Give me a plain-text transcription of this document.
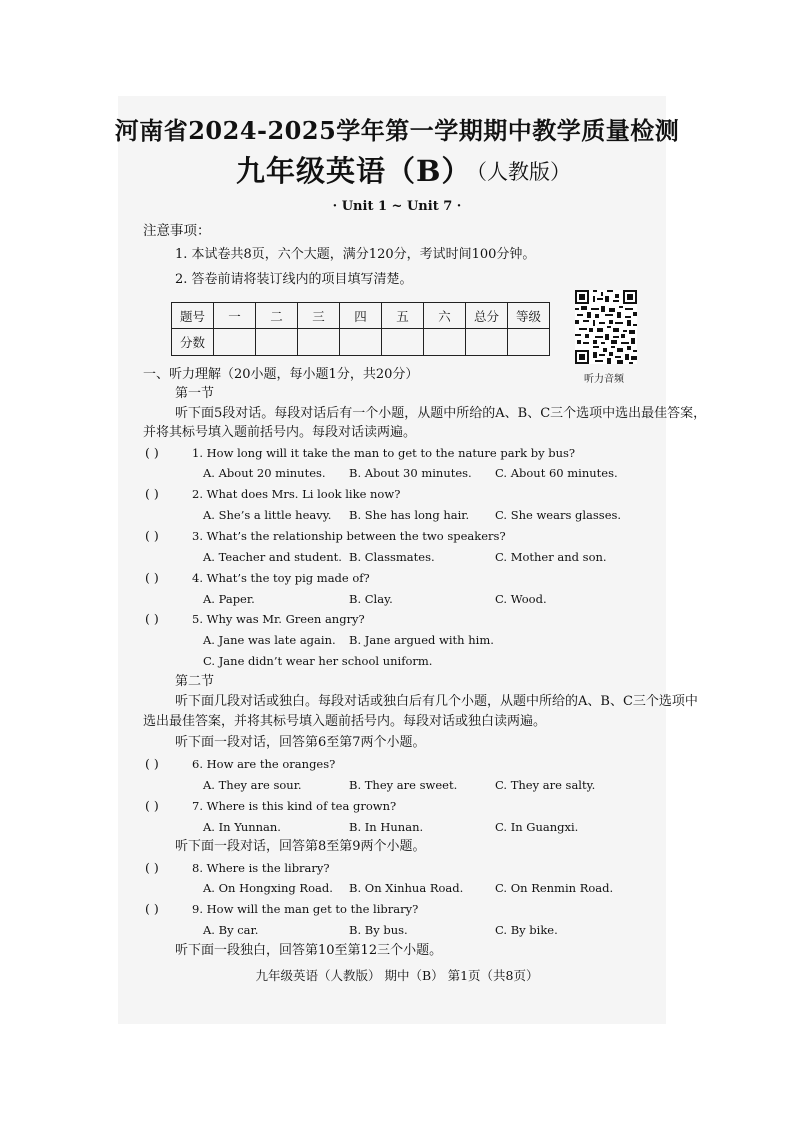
河南省2024-2025学年第一学期期中教学质量检测
九年级英语（B）
（人教版）
· Unit 1 ~ Unit 7 ·
注意事项：
1. 本试卷共8页，六个大题，满分120分，考试时间100分钟。
2. 答卷前请将装订线内的项目填写清楚。
题号	一	二	三	四	五	六	总分	等级
分数								
听力音频
一、听力理解（20小题，每小题1分，共20分）
第一节
听下面5段对话。每段对话后有一个小题，从题中所给的A、B、C三个选项中选出最佳答案，
并将其标号填入题前括号内。每段对话读两遍。
( )	1. How long will it take the man to get to the nature park by bus?
A. About 20 minutes. B. About 30 minutes. C. About 60 minutes.
( )	2. What does Mrs. Li look like now?
A. She’s a little heavy. B. She has long hair. C. She wears glasses.
( )	3. What’s the relationship between the two speakers?
A. Teacher and student. B. Classmates.	C. Mother and son.
( )	4. What’s the toy pig made of?
A. Paper.	B. Clay.	C. Wood.
( )	5. Why was Mr. Green angry?
A. Jane was late again. B. Jane argued with him.
C. Jane didn’t wear her school uniform.
第二节
听下面几段对话或独白。每段对话或独白后有几个小题，从题中所给的A、B、C三个选项中
选出最佳答案，并将其标号填入题前括号内。每段对话或独白读两遍。
听下面一段对话，回答第6至第7两个小题。
( )	6. How are the oranges?
A. They are sour.	B. They are sweet.	C. They are salty.
( )	7. Where is this kind of tea grown?
A. In Yunnan.	B. In Hunan.	C. In Guangxi.
听下面一段对话，回答第8至第9两个小题。
( )	8. Where is the library?
A. On Hongxing Road. B. On Xinhua Road.	C. On Renmin Road.
( )	9. How will the man get to the library?
A. By car.	B. By bus.	C. By bike.
听下面一段独白，回答第10至第12三个小题。
九年级英语（人教版） 期中（B） 第1页（共8页）
